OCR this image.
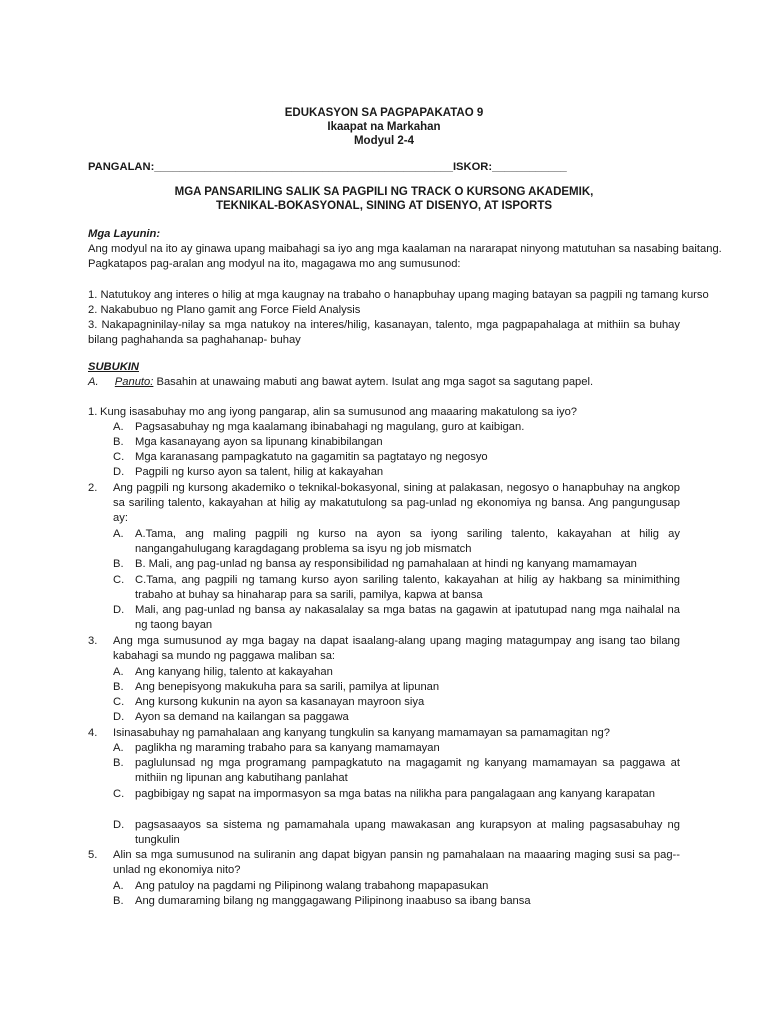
EDUKASYON SA PAGPAPAKATAO 9
Ikaapat na Markahan
Modyul 2-4
PANGALAN:________________________________________________ISKOR:____________
MGA PANSARILING SALIK SA PAGPILI NG TRACK O KURSONG AKADEMIK,
TEKNIKAL-BOKASYONAL, SINING AT DISENYO, AT ISPORTS
Mga Layunin:
Ang modyul na ito ay ginawa upang maibahagi sa iyo ang mga kaalaman na nararapat ninyong matutuhan sa nasabing baitang.
Pagkatapos pag-aralan ang modyul na ito, magagawa mo ang sumusunod:
1. Natutukoy ang interes o hilig at mga kaugnay na trabaho o hanapbuhay upang maging batayan sa pagpili ng tamang kurso
2. Nakabubuo ng Plano gamit ang Force Field Analysis
3. Nakapagninilay-nilay sa mga natukoy na interes/hilig, kasanayan, talento, mga pagpapahalaga at mithiin sa buhay bilang paghahanda sa paghahanap- buhay
SUBUKIN
A. Panuto: Basahin at unawaing mabuti ang bawat aytem. Isulat ang mga sagot sa sagutang papel.
1. Kung isasabuhay mo ang iyong pangarap, alin sa sumusunod ang maaaring makatulong sa iyo?
A. Pagsasabuhay ng mga kaalamang ibinabahagi ng magulang, guro at kaibigan.
B. Mga kasanayang ayon sa lipunang kinabibilangan
C. Mga karanasang pampagkatuto na gagamitin sa pagtatayo ng negosyo
D. Pagpili ng kurso ayon sa talent, hilig at kakayahan
2. Ang pagpili ng kursong akademiko o teknikal-bokasyonal, sining at palakasan, negosyo o hanapbuhay na angkop sa sariling talento, kakayahan at hilig ay makatutulong sa pag-unlad ng ekonomiya ng bansa. Ang pangungusap ay:
A. A.Tama, ang maling pagpili ng kurso na ayon sa iyong sariling talento, kakayahan at hilig ay nangangahulugang karagdagang problema sa isyu ng job mismatch
B. B. Mali, ang pag-unlad ng bansa ay responsibilidad ng pamahalaan at hindi ng kanyang mamamayan
C. C.Tama, ang pagpili ng tamang kurso ayon sariling talento, kakayahan at hilig ay hakbang sa minimithing trabaho at buhay sa hinaharap para sa sarili, pamilya, kapwa at bansa
D. Mali, ang pag-unlad ng bansa ay nakasalalay sa mga batas na gagawin at ipatutupad nang mga naihalal na ng taong bayan
3. Ang mga sumusunod ay mga bagay na dapat isaalang-alang upang maging matagumpay ang isang tao bilang kabahagi sa mundo ng paggawa maliban sa:
A. Ang kanyang hilig, talento at kakayahan
B. Ang benepisyong makukuha para sa sarili, pamilya at lipunan
C. Ang kursong kukunin na ayon sa kasanayan mayroon siya
D. Ayon sa demand na kailangan sa paggawa
4. Isinasabuhay ng pamahalaan ang kanyang tungkulin sa kanyang mamamayan sa pamamagitan ng?
A. paglikha ng maraming trabaho para sa kanyang mamamayan
B. paglulunsad ng mga programang pampagkatuto na magagamit ng kanyang mamamayan sa paggawa at mithiin ng lipunan ang kabutihang panlahat
C. pagbibigay ng sapat na impormasyon sa mga batas na nilikha para pangalagaan ang kanyang karapatan
D. pagsasaayos sa sistema ng pamamahala upang mawakasan ang kurapsyon at maling pagsasabuhay ng tungkulin
5. Alin sa mga sumusunod na suliranin ang dapat bigyan pansin ng pamahalaan na maaaring maging susi sa pag-- unlad ng ekonomiya nito?
A. Ang patuloy na pagdami ng Pilipinong walang trabahong mapapasukan
B. Ang dumaraming bilang ng manggagawang Pilipinong inaabuso sa ibang bansa
